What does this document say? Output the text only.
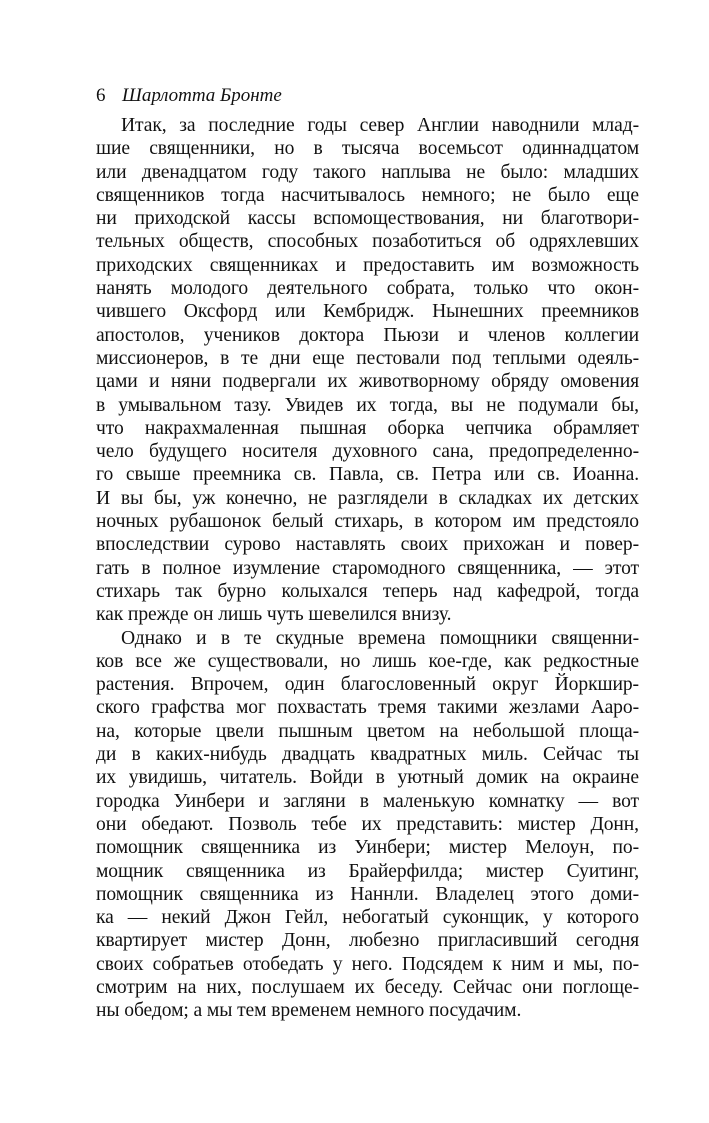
6 Шарлотта Бронте
Итак, за последние годы север Англии наводнили млад-
шие священники, но в тысяча восемьсот одиннадцатом
или двенадцатом году такого наплыва не было: младших
священников тогда насчитывалось немного; не было еще
ни приходской кассы вспомоществования, ни благотвори-
тельных обществ, способных позаботиться об одряхлевших
приходских священниках и предоставить им возможность
нанять молодого деятельного собрата, только что окон-
чившего Оксфорд или Кембридж. Нынешних преемников
апостолов, учеников доктора Пьюзи и членов коллегии
миссионеров, в те дни еще пестовали под теплыми одеяль-
цами и няни подвергали их животворному обряду омовения
в умывальном тазу. Увидев их тогда, вы не подумали бы,
что накрахмаленная пышная оборка чепчика обрамляет
чело будущего носителя духовного сана, предопределенно-
го свыше преемника св. Павла, св. Петра или св. Иоанна.
И вы бы, уж конечно, не разглядели в складках их детских
ночных рубашонок белый стихарь, в котором им предстояло
впоследствии сурово наставлять своих прихожан и повер-
гать в полное изумление старомодного священника, — этот
стихарь так бурно колыхался теперь над кафедрой, тогда
как прежде он лишь чуть шевелился внизу.
Однако и в те скудные времена помощники священни-
ков все же существовали, но лишь кое-где, как редкостные
растения. Впрочем, один благословенный округ Йоркшир-
ского графства мог похвастать тремя такими жезлами Ааро-
на, которые цвели пышным цветом на небольшой площа-
ди в каких-нибудь двадцать квадратных миль. Сейчас ты
их увидишь, читатель. Войди в уютный домик на окраине
городка Уинбери и загляни в маленькую комнатку — вот
они обедают. Позволь тебе их представить: мистер Донн,
помощник священника из Уинбери; мистер Мелоун, по-
мощник священника из Брайерфилда; мистер Суитинг,
помощник священника из Наннли. Владелец этого доми-
ка — некий Джон Гейл, небогатый суконщик, у которого
квартирует мистер Донн, любезно пригласивший сегодня
своих собратьев отобедать у него. Подсядем к ним и мы, по-
смотрим на них, послушаем их беседу. Сейчас они поглоще-
ны обедом; а мы тем временем немного посудачим.
